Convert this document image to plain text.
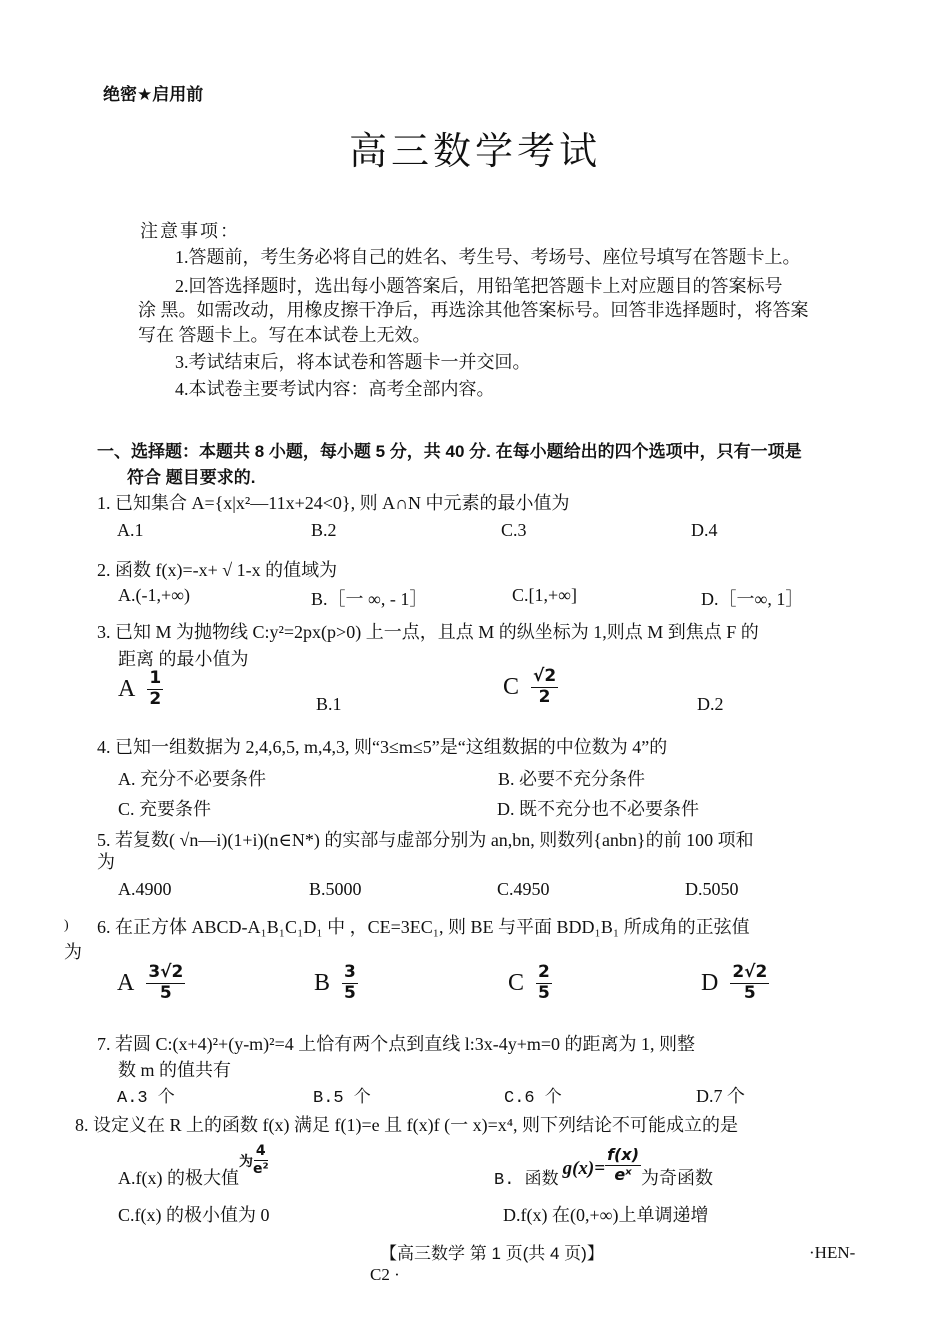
绝密★启用前
高三数学考试
注意事项：
1.答题前，考生务必将自己的姓名、考生号、考场号、座位号填写在答题卡上。
2.回答选择题时，选出每小题答案后，用铅笔把答题卡上对应题目的答案标号
涂 黑。如需改动，用橡皮擦干净后，再选涂其他答案标号。回答非选择题时，将答案
写在 答题卡上。写在本试卷上无效。
3.考试结束后，将本试卷和答题卡一并交回。
4.本试卷主要考试内容：高考全部内容。
一、选择题：本题共 8 小题，每小题 5 分，共 40 分. 在每小题给出的四个选项中，只有一项是
符合 题目要求的.
1. 已知集合 A={x|x²—11x+24<0}, 则 A∩N 中元素的最小值为
A.1	B.2	C.3	D.4
2. 函数 f(x)=-x+ √ 1-x 的值域为
A.(-1,+∞)	B.［一 ∞, - 1］	C.[1,+∞]	D.［一∞, 1］
3. 已知 M 为抛物线 C:y²=2px(p>0) 上一点，且点 M 的纵坐标为 1,则点 M 到焦点 F 的
距离 的最小值为
A $\frac{1}{2}$	B.1
C $\frac{√2}{2}$	D.2
4. 已知一组数据为 2,4,6,5, m,4,3, 则“3≤m≤5”是“这组数据的中位数为 4”的
A. 充分不必要条件	B. 必要不充分条件
C. 充要条件	D. 既不充分也不必要条件
5. 若复数( √n—i)(1+i)(n∈N*) 的实部与虚部分别为 an,bn, 则数列{anbn}的前 100 项和
为
A.4900	B.5000	C.4950	D.5050
) 6. 在正方体 ABCD-A₁B₁C₁D₁ 中 ，CE=3EC₁, 则 BE 与平面 BDD₁B₁ 所成角的正弦值
为
A $\frac{3√2}{5}$	B $\frac{3}{5}$	C $\frac{2}{5}$	D $\frac{2√2}{5}$
7. 若圆 C:(x+4)²+(y-m)²=4 上恰有两个点到直线 l:3x-4y+m=0 的距离为 1, 则整
数 m 的值共有
A.3 个	B.5 个	C.6 个	D.7 个
8. 设定义在 R 上的函数 f(x) 满足 f(1)=e 且 f(x)f (一 x)=x⁴, 则下列结论不可能成立的是
A.f(x) 的极大值为 $\frac{4}{\text{e²}}$
B. 函数$g(x)= \frac{f(x)}{\text{eˣ}}$ 为奇函数
C.f(x) 的极小值为 0	D.f(x) 在(0,+∞)上单调递增
【高三数学 第 1 页(共 4 页)】	·HEN-
C2 ·
